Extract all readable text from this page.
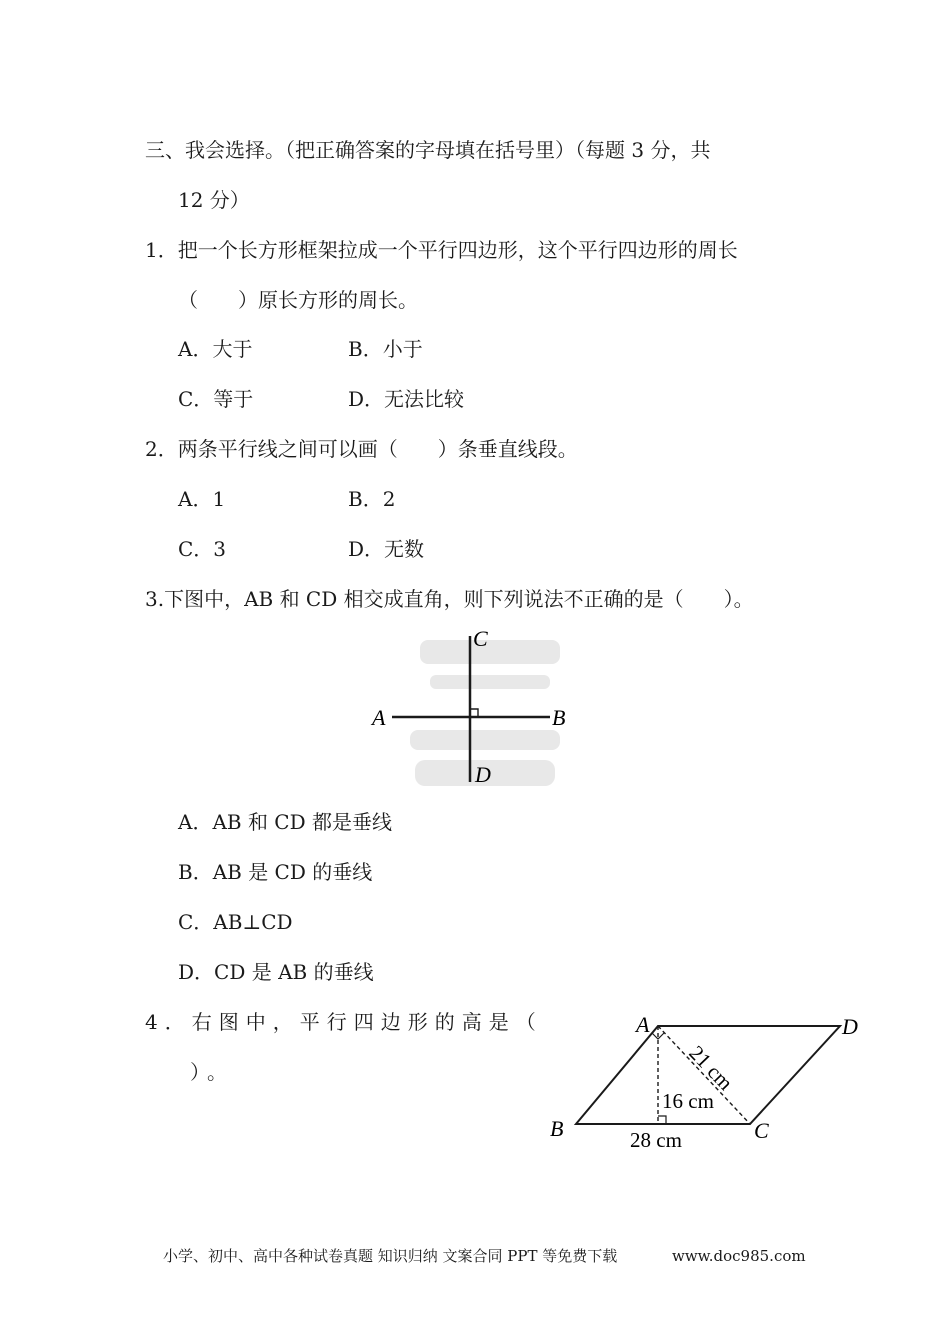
三、我会选择。（把正确答案的字母填在括号里）（每题 3 分，共
12 分）
1．把一个长方形框架拉成一个平行四边形，这个平行四边形的周长
（　　）原长方形的周长。
A．大于	B．小于
C．等于	D．无法比较
2．两条平行线之间可以画（　　）条垂直线段。
A．1	B．2
C．3	D．无数
3.下图中，AB 和 CD 相交成直角，则下列说法不正确的是（　　）。
A	B
C
D
A．AB 和 CD 都是垂线
B．AB 是 CD 的垂线
C．AB⊥CD
D．CD 是 AB 的垂线
4．右图中，平行四边形的高是（
）。
A	D
B	C
21 cm
16 cm
28 cm
小学、初中、高中各种试卷真题 知识归纳 文案合同 PPT 等免费下载	www.doc985.com
